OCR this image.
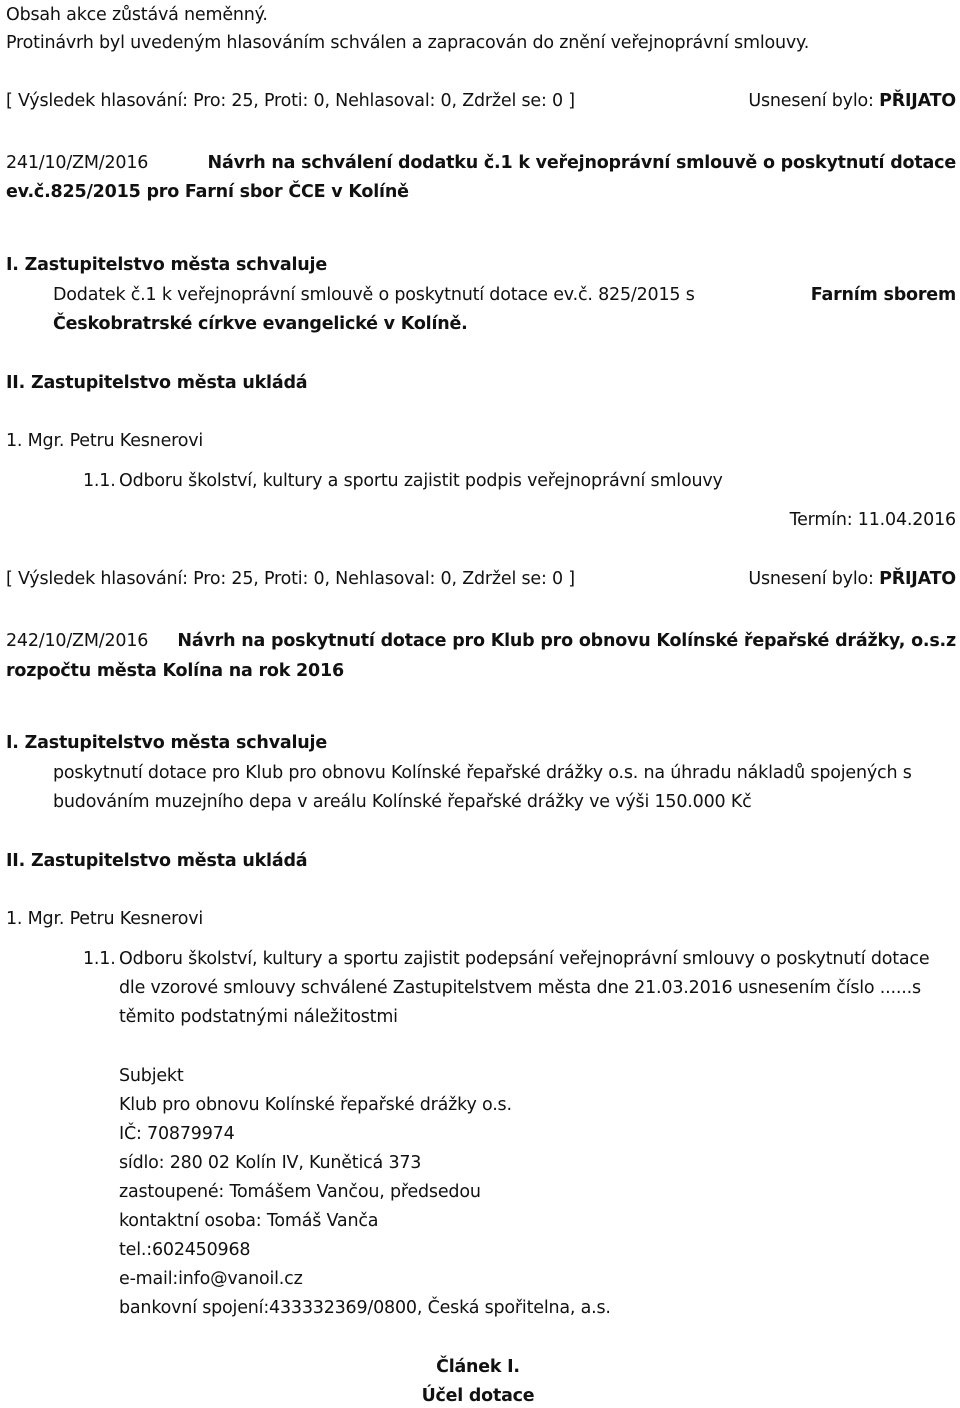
Obsah akce zůstává neměnný.
Protinávrh byl uvedeným hlasováním schválen a zapracován do znění veřejnoprávní smlouvy.
[ Výsledek hlasování: Pro: 25, Proti: 0, Nehlasoval: 0, Zdržel se: 0 ]	Usnesení bylo: PŘIJATO
241/10/ZM/2016	Návrh na schválení dodatku č.1 k veřejnoprávní smlouvě o poskytnutí dotace
ev.č.825/2015 pro Farní sbor ČCE v Kolíně
I. Zastupitelstvo města schvaluje
Dodatek č.1 k veřejnoprávní smlouvě o poskytnutí dotace ev.č. 825/2015 s	Farním sborem
Českobratrské církve evangelické v Kolíně.
II. Zastupitelstvo města ukládá
1. Mgr. Petru Kesnerovi
1.1. Odboru školství, kultury a sportu zajistit podpis veřejnoprávní smlouvy
Termín: 11.04.2016
[ Výsledek hlasování: Pro: 25, Proti: 0, Nehlasoval: 0, Zdržel se: 0 ]	Usnesení bylo: PŘIJATO
242/10/ZM/2016 Návrh na poskytnutí dotace pro Klub pro obnovu Kolínské řepařské drážky, o.s.z
rozpočtu města Kolína na rok 2016
I. Zastupitelstvo města schvaluje
poskytnutí dotace pro Klub pro obnovu Kolínské řepařské drážky o.s. na úhradu nákladů spojených s
budováním muzejního depa v areálu Kolínské řepařské drážky ve výši 150.000 Kč
II. Zastupitelstvo města ukládá
1. Mgr. Petru Kesnerovi
1.1. Odboru školství, kultury a sportu zajistit podepsání veřejnoprávní smlouvy o poskytnutí dotace
dle vzorové smlouvy schválené Zastupitelstvem města dne 21.03.2016 usnesením číslo ......s
těmito podstatnými náležitostmi
Subjekt
Klub pro obnovu Kolínské řepařské drážky o.s.
IČ: 70879974
sídlo: 280 02 Kolín IV, Kuněticá 373
zastoupené: Tomášem Vančou, předsedou
kontaktní osoba: Tomáš Vanča
tel.:602450968
e-mail:info@vanoil.cz
bankovní spojení:433332369/0800, Česká spořitelna, a.s.
Článek I.
Účel dotace
